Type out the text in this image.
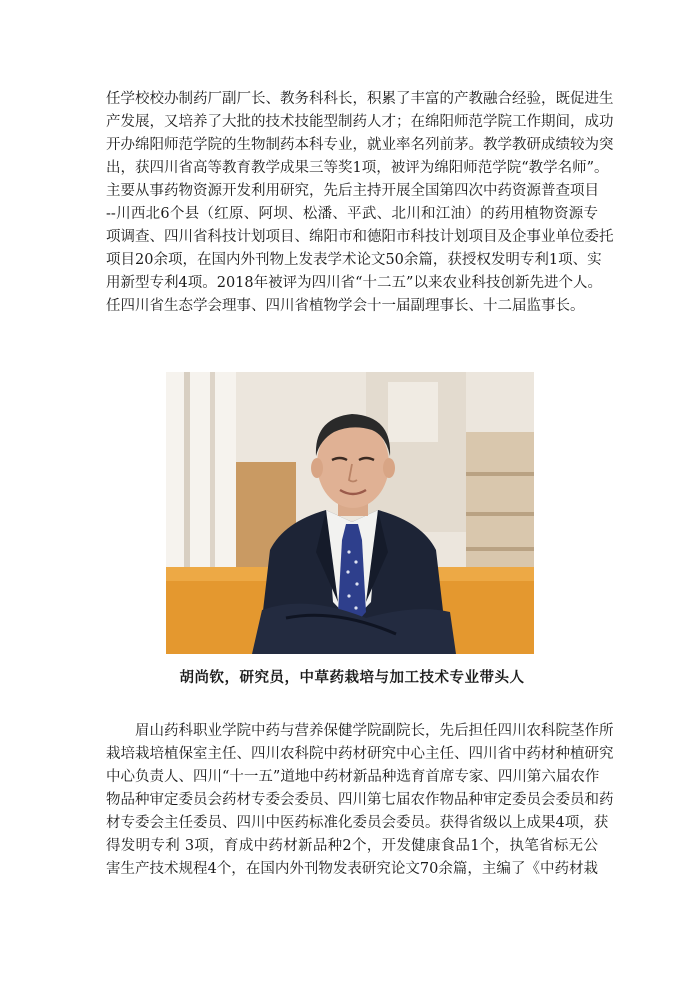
任学校校办制药厂副厂长、教务科科长，积累了丰富的产教融合经验，既促进生
产发展，又培养了大批的技术技能型制药人才；在绵阳师范学院工作期间，成功
开办绵阳师范学院的生物制药本科专业，就业率名列前茅。教学教研成绩较为突
出，获四川省高等教育教学成果三等奖1项，被评为绵阳师范学院“教学名师”。
主要从事药物资源开发利用研究，先后主持开展全国第四次中药资源普查项目
--川西北6个县（红原、阿坝、松潘、平武、北川和江油）的药用植物资源专
项调查、四川省科技计划项目、绵阳市和德阳市科技计划项目及企事业单位委托
项目20余项，在国内外刊物上发表学术论文50余篇，获授权发明专利1项、实
用新型专利4项。2018年被评为四川省“十二五”以来农业科技创新先进个人。
任四川省生态学会理事、四川省植物学会十一届副理事长、十二届监事长。
胡尚钦，研究员，中草药栽培与加工技术专业带头人
眉山药科职业学院中药与营养保健学院副院长，先后担任四川农科院茎作所
栽培栽培植保室主任、四川农科院中药材研究中心主任、四川省中药材种植研究
中心负责人、四川“十一五”道地中药材新品种选育首席专家、四川第六届农作
物品种审定委员会药材专委会委员、四川第七届农作物品种审定委员会委员和药
材专委会主任委员、四川中医药标准化委员会委员。获得省级以上成果4项，获
得发明专利 3项，育成中药材新品种2个，开发健康食品1个，执笔省标无公
害生产技术规程4个，在国内外刊物发表研究论文70余篇，主编了《中药材栽
